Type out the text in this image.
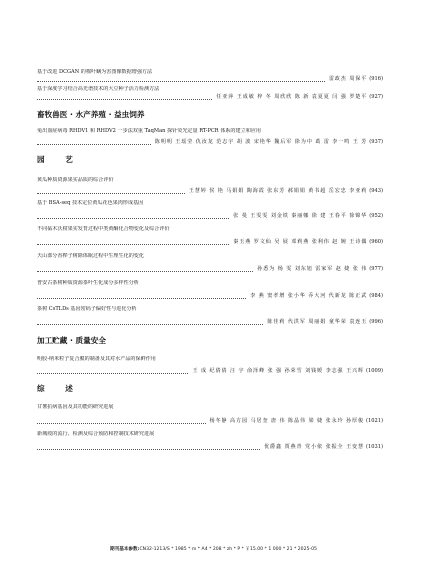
基于改进 DCGAN 的棉叶螨为害图像数据增强方法
雷政杰 周保平 (916)
基于深度学习结合高光谱技术的大豆种子活力检测方法
任亚萍 王成敏 梓 冬 周欣欣 陈 新 袁夏夏 闫 强 罗楚平 (927)
畜牧兽医 · 水产养殖 · 益虫饲养
兔出血症病毒 RHDV1 和 RHDV2 一步法双重 TaqMan 探针荧光定量 RT-PCR 体系的建立和应用
陈明明 王瑶莹 仇汝龙 范志宇 胡 波 宋艳华 魏后军 徐为中 葛 雷 李一鸣 王 芳 (937)
园 艺
黄瓜种质资源果实品质的综合评价
王慧婷 侯 艳 马娟娟 陶海霞 张东芳 郝娟娟 黄书超 岳宏忠 李亚莉 (943)
基于 BSA-seq 技术定位黄瓜花色果肉形成基因
张 曼 王雯雯 刘金铁 秦丽娜 徐 建 王春平 徐锦华 (952)
不同砧木沃柑果实发育过程中类黄酮化合物变化及综合评价
秦玉燕 罗文仙 吴 展 邓莉燕 张利伟 赵 婉 王诗偶 (960)
天山部分香桦子树除体眠过程中生理生化的变化
孙悉为 杨 雯 刘东旭 雷家军 赵 婕 张 伟 (977)
普安古茶树种质资源茶叶生化成分多样性分析
李 燕 窦孝增 张小华 乔大河 代新龙 陈正武 (984)
茶树 CsTLDs 基因密码子偏好性与进化分析
陈佳莉 代洪军 周丽娟 童华荣 袁连玉 (996)
加工贮藏 · 质量安全
明胶-纳米粒子复合膜的制备及其对水产品的保鲜作用
王 成 纪倩倩 汪 宇 俞泽峰 张 强 孙荣雪 刘钱媛 李志强 王兴辉 (1009)
综 述
甘薯抗病基因及其功能的研究进展
杨冬静 高方园 马居奎 唐 伟 陈晶伟 梁 婕 张永玲 孙厚俊 (1021)
新城疫的流行、检测及综合预防和控制技术研究进展
优爵鑫 贾燕青 党小依 张振全 王变慧 (1031)
期刊基本参数:CN32-1213/S * 1985 * m * A4 * 208 * zh * P * ￥15.00 * 1 000 * 21 * 2025-05
